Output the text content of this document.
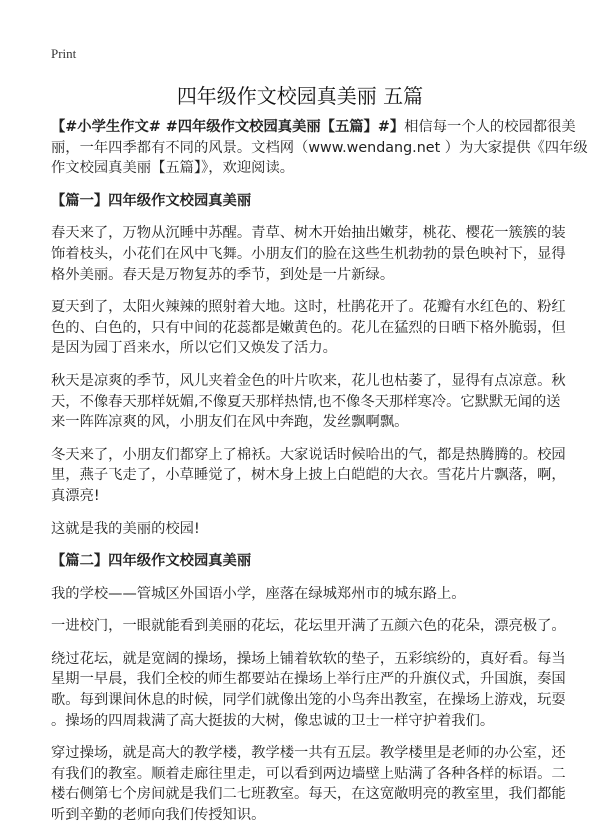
Print
四年级作文校园真美丽 五篇
【#小学生作文# #四年级作文校园真美丽【五篇】#】相信每一个人的校园都很美
丽，一年四季都有不同的风景。文档网（www.wendang.net ）为大家提供《四年级
作文校园真美丽【五篇】》，欢迎阅读。
【篇一】四年级作文校园真美丽
春天来了，万物从沉睡中苏醒。青草、树木开始抽出嫩芽，桃花、樱花一簇簇的装
饰着枝头，小花们在风中飞舞。小朋友们的脸在这些生机勃勃的景色映衬下，显得
格外美丽。春天是万物复苏的季节，到处是一片新绿。
夏天到了，太阳火辣辣的照射着大地。这时，杜鹃花开了。花瓣有水红色的、粉红
色的、白色的，只有中间的花蕊都是嫩黄色的。花儿在猛烈的日晒下格外脆弱，但
是因为园丁舀来水，所以它们又焕发了活力。
秋天是凉爽的季节，风儿夹着金色的叶片吹来，花儿也枯萎了，显得有点凉意。秋
天，不像春天那样妩媚,不像夏天那样热情,也不像冬天那样寒冷。它默默无闻的送
来一阵阵凉爽的风，小朋友们在风中奔跑，发丝飘啊飘。
冬天来了，小朋友们都穿上了棉袄。大家说话时候哈出的气，都是热腾腾的。校园
里，燕子飞走了，小草睡觉了，树木身上披上白皑皑的大衣。雪花片片飘落，啊，
真漂亮!
这就是我的美丽的校园!
【篇二】四年级作文校园真美丽
我的学校——管城区外国语小学，座落在绿城郑州市的城东路上。
一进校门，一眼就能看到美丽的花坛，花坛里开满了五颜六色的花朵，漂亮极了。
绕过花坛，就是宽阔的操场，操场上铺着软软的垫子，五彩缤纷的，真好看。每当
星期一早晨，我们全校的师生都要站在操场上举行庄严的升旗仪式，升国旗，奏国
歌。每到课间休息的时候，同学们就像出笼的小鸟奔出教室，在操场上游戏，玩耍
。操场的四周栽满了高大挺拔的大树，像忠诚的卫士一样守护着我们。
穿过操场，就是高大的教学楼，教学楼一共有五层。教学楼里是老师的办公室，还
有我们的教室。顺着走廊往里走，可以看到两边墙壁上贴满了各种各样的标语。二
楼右侧第七个房间就是我们二七班教室。每天，在这宽敞明亮的教室里，我们都能
听到辛勤的老师向我们传授知识。
